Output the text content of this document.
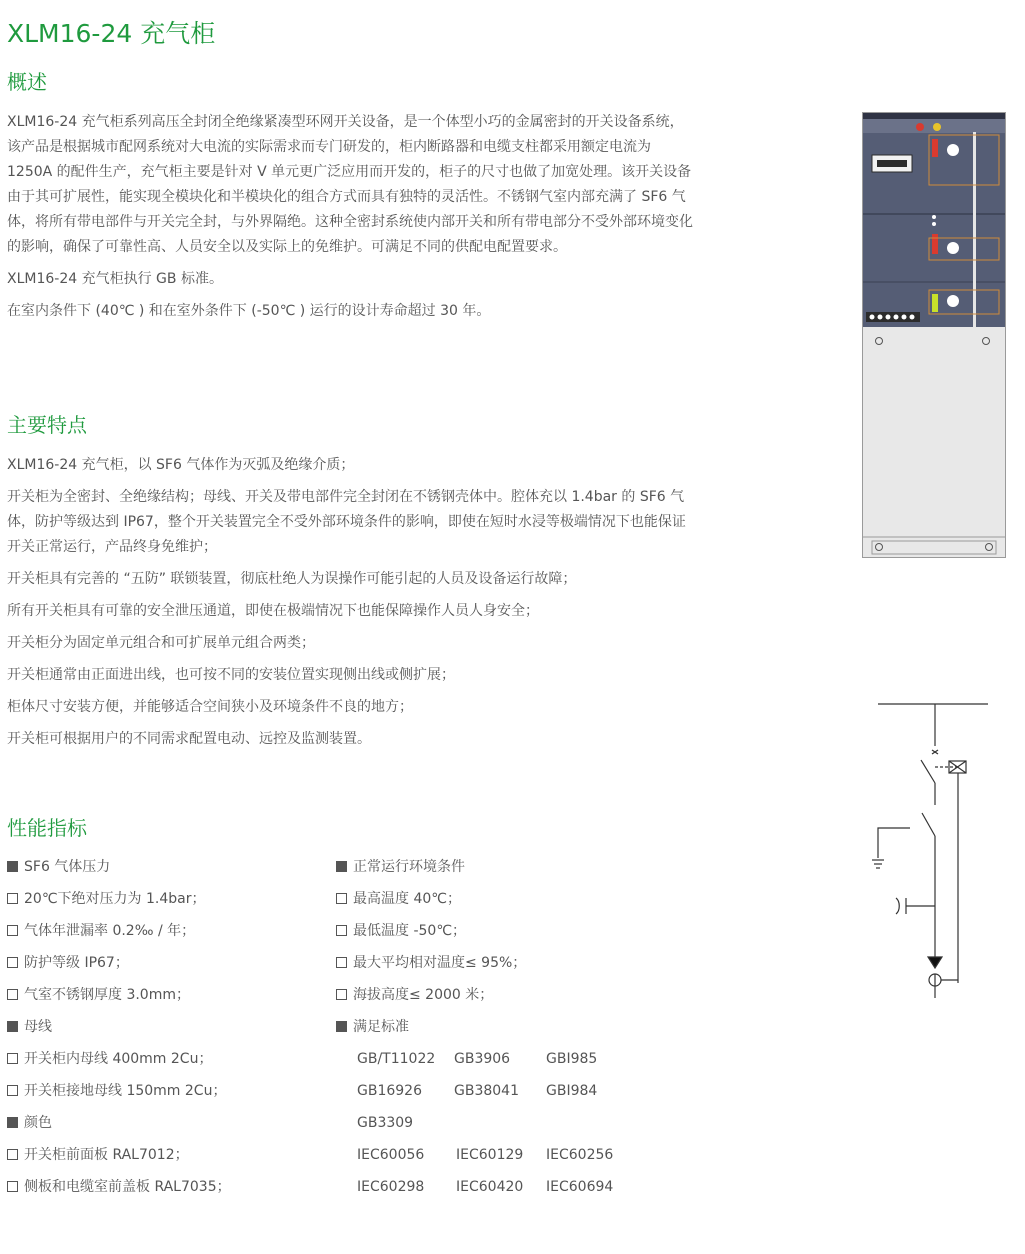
XLM16-24 充气柜
概述

XLM16-24 充气柜系列高压全封闭全绝缘紧凑型环网开关设备，是一个体型小巧的金属密封的开关设备系统，该产品是根据城市配网系统对大电流的实际需求而专门研发的，柜内断路器和电缆支柱都采用额定电流为 1250A 的配件生产，充气柜主要是针对 V 单元更广泛应用而开发的，柜子的尺寸也做了加宽处理。该开关设备由于其可扩展性，能实现全模块化和半模块化的组合方式而具有独特的灵活性。不锈钢气室内部充满了 SF6 气体，将所有带电部件与开关完全封，与外界隔绝。这种全密封系统使内部开关和所有带电部分不受外部环境变化的影响，确保了可靠性高、人员安全以及实际上的免维护。可满足不同的供配电配置要求。

XLM16-24 充气柜执行 GB 标准。

在室内条件下 (40℃ ) 和在室外条件下 (-50℃ ) 运行的设计寿命超过 30 年。

主要特点

XLM16-24 充气柜，以 SF6 气体作为灭弧及绝缘介质；

开关柜为全密封、全绝缘结构；母线、开关及带电部件完全封闭在不锈钢壳体中。腔体充以 1.4bar 的 SF6 气体，防护等级达到 IP67，整个开关装置完全不受外部环境条件的影响，即使在短时水浸等极端情况下也能保证开关正常运行，产品终身免维护；

开关柜具有完善的 “五防” 联锁装置，彻底杜绝人为误操作可能引起的人员及设备运行故障；

所有开关柜具有可靠的安全泄压通道，即使在极端情况下也能保障操作人员人身安全；

开关柜分为固定单元组合和可扩展单元组合两类；

开关柜通常由正面进出线，也可按不同的安装位置实现侧出线或侧扩展；

柜体尺寸安装方便，并能够适合空间狭小及环境条件不良的地方；

开关柜可根据用户的不同需求配置电动、远控及监测装置。

性能指标
SF6 气体压力
20℃下绝对压力为 1.4bar；
气体年泄漏率 0.2‰ / 年；
防护等级 IP67；
气室不锈钢厚度 3.0mm；
母线
开关柜内母线 400mm 2Cu；
开关柜接地母线 150mm 2Cu；
颜色
开关柜前面板 RAL7012；
侧板和电缆室前盖板 RAL7035；
正常运行环境条件
最高温度 40℃；
最低温度 -50℃；
最大平均相对温度≤ 95%；
海拔高度≤ 2000 米；
满足标准
GB/T11022 GB3906	GBI985
GB16926 GB38041 GBI984
GB3309
IEC60056 IEC60129 IEC60256
IEC60298 IEC60420 IEC60694
